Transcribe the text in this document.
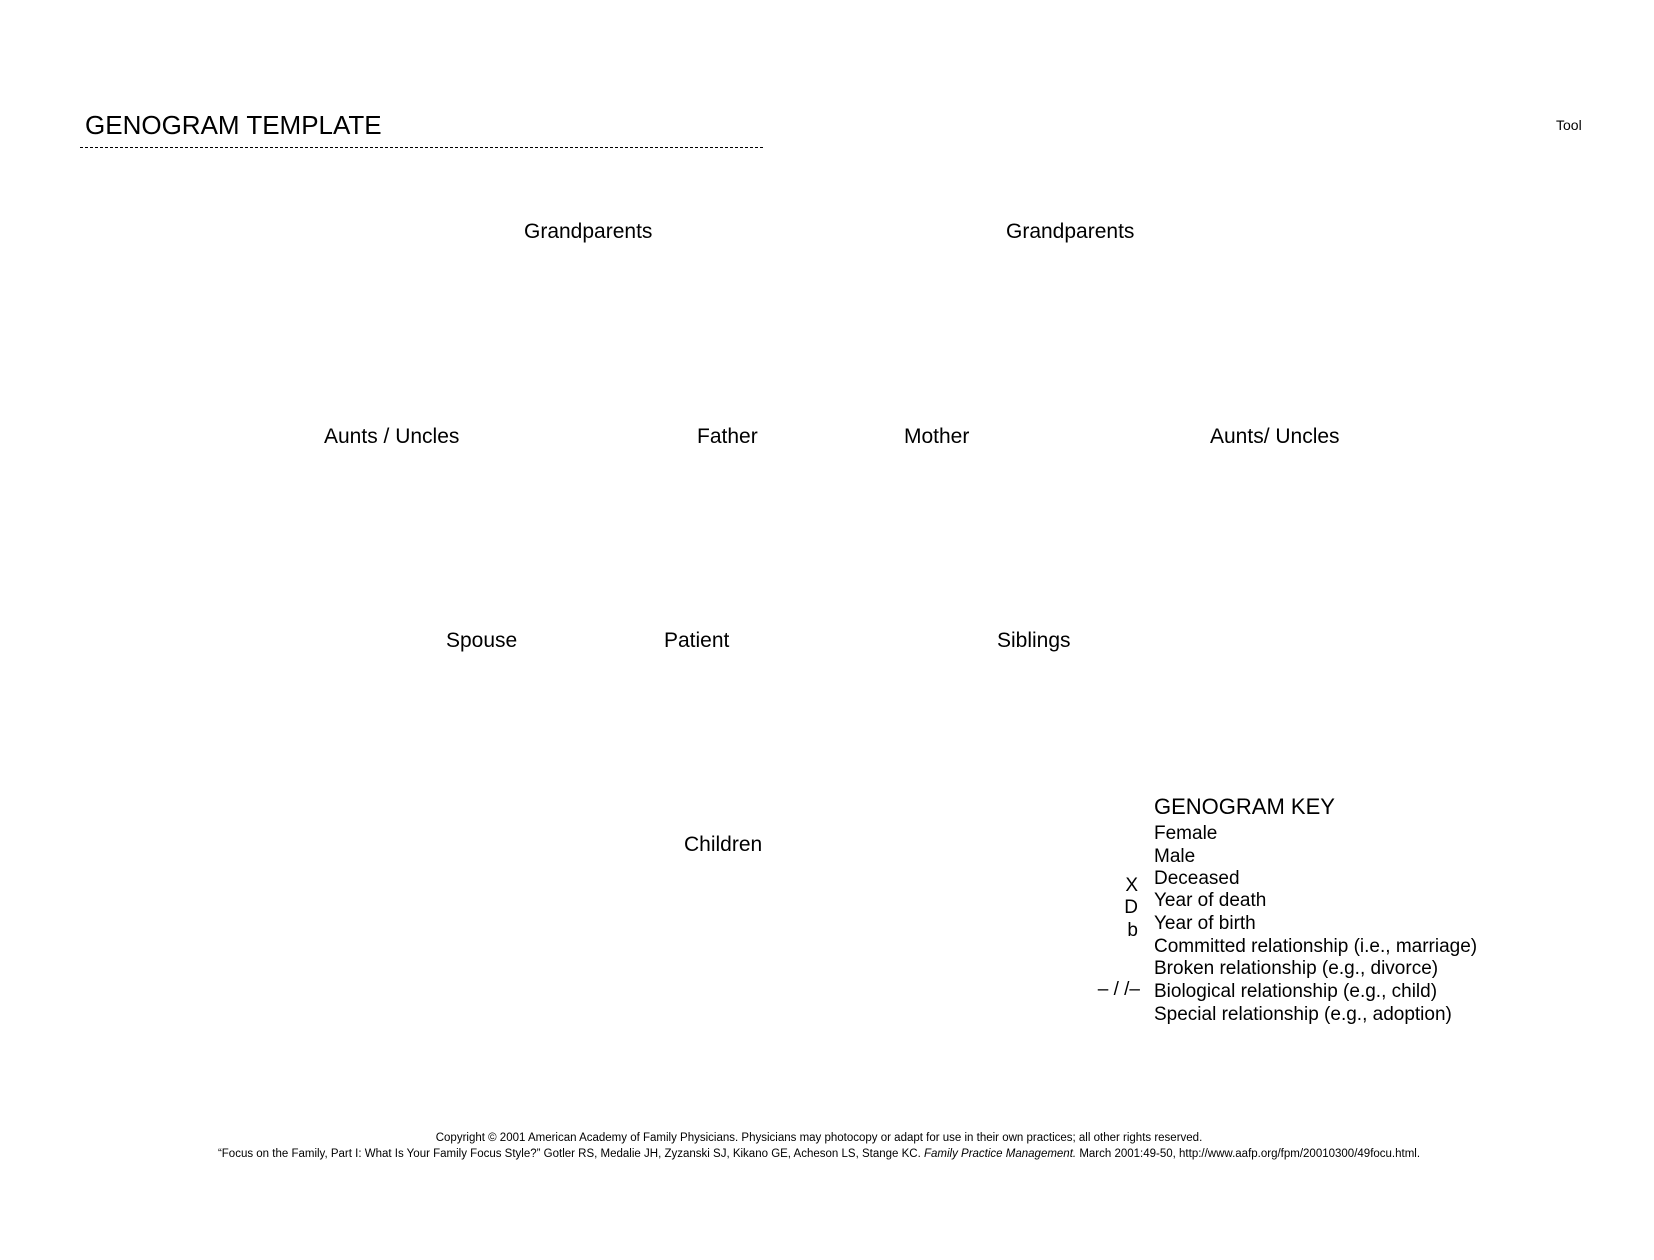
GENOGRAM TEMPLATE	Tool
Grandparents	Grandparents
Aunts / Uncles	Father	Mother	Aunts/ Uncles
Spouse	Patient	Siblings
Children
GENOGRAM KEY
Female
Male
X Deceased
D Year of death
b Year of birth
Committed relationship (i.e., marriage)
Broken relationship (e.g., divorce)
– / /– Biological relationship (e.g., child)
Special relationship (e.g., adoption)
Copyright © 2001 American Academy of Family Physicians. Physicians may photocopy or adapt for use in their own practices; all other rights reserved.
“Focus on the Family, Part I: What Is Your Family Focus Style?” Gotler RS, Medalie JH, Zyzanski SJ, Kikano GE, Acheson LS, Stange KC. Family Practice Management. March 2001:49-50, http://www.aafp.org/fpm/20010300/49focu.html.
